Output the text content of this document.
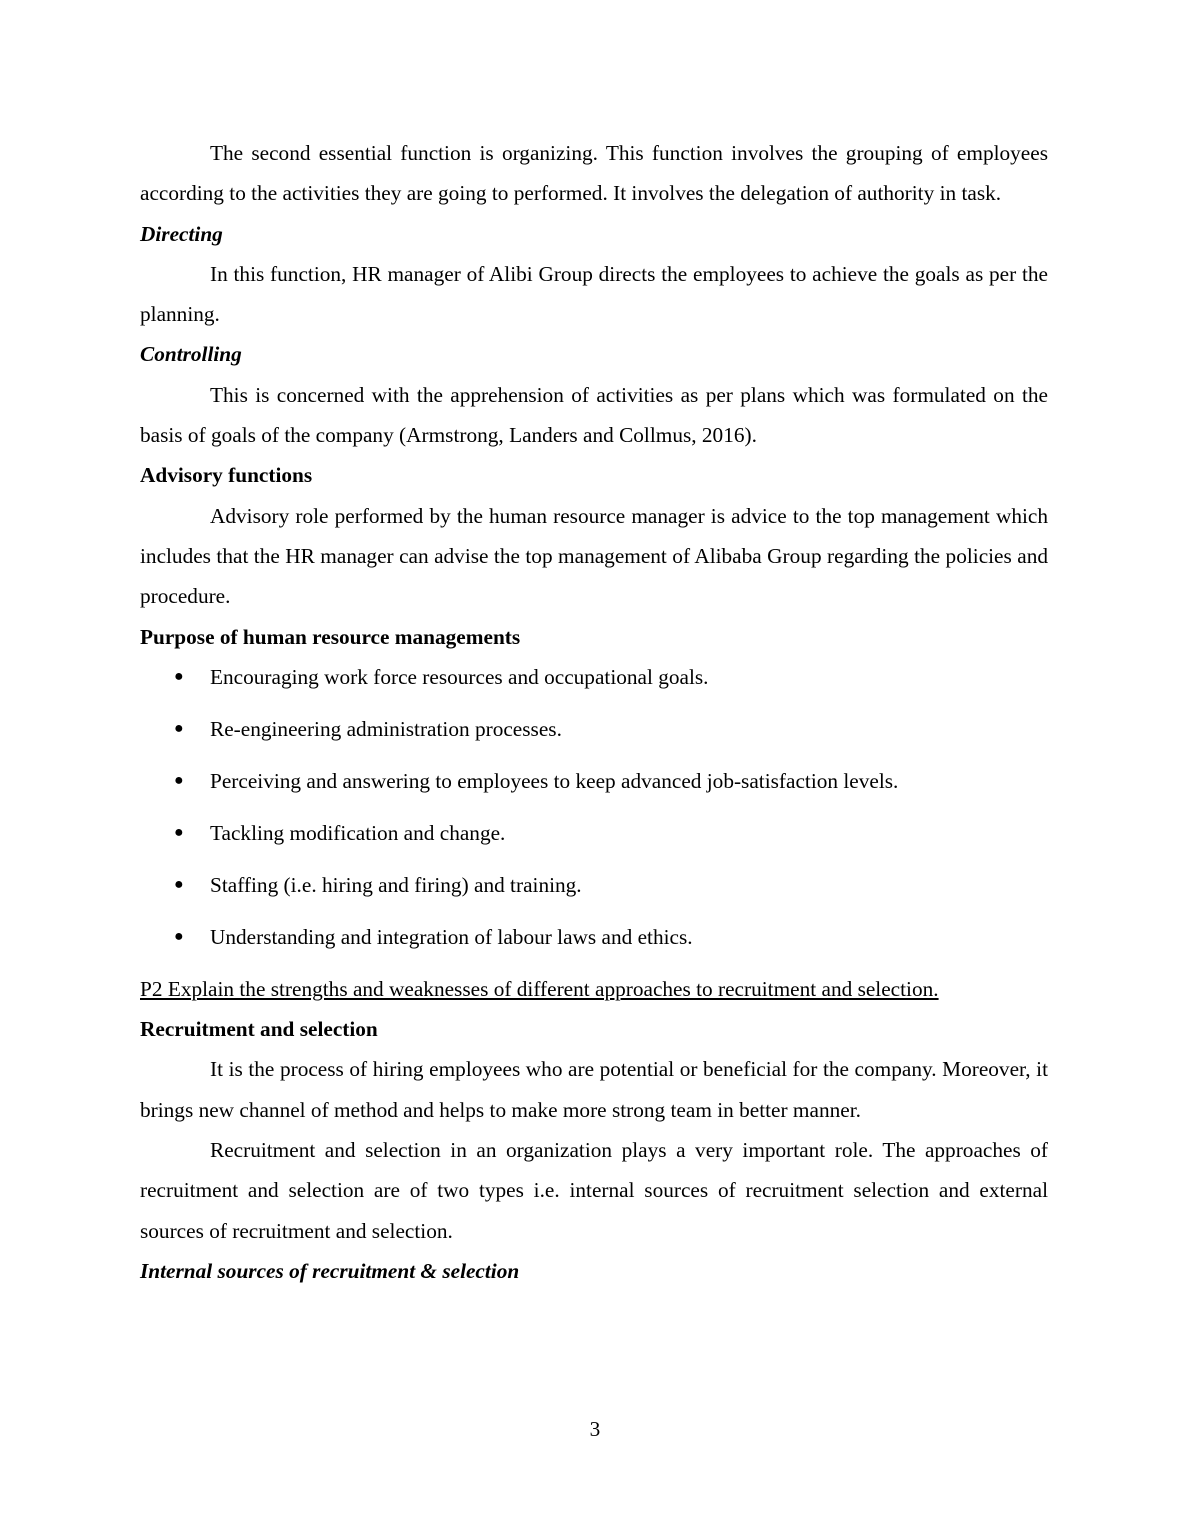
The second essential function is organizing. This function involves the grouping of employees according to the activities they are going to performed. It involves the delegation of authority in task.

Directing

In this function, HR manager of Alibi Group directs the employees to achieve the goals as per the planning.

Controlling

This is concerned with the apprehension of activities as per plans which was formulated on the basis of goals of the company (Armstrong, Landers and Collmus, 2016).

Advisory functions

Advisory role performed by the human resource manager is advice to the top management which includes that the HR manager can advise the top management of Alibaba Group regarding the policies and procedure.

Purpose of human resource managements

● Encouraging work force resources and occupational goals.
● Re-engineering administration processes.
● Perceiving and answering to employees to keep advanced job-satisfaction levels.
● Tackling modification and change.
● Staffing (i.e. hiring and firing) and training.
● Understanding and integration of labour laws and ethics.

P2 Explain the strengths and weaknesses of different approaches to recruitment and selection.

Recruitment and selection

It is the process of hiring employees who are potential or beneficial for the company. Moreover, it brings new channel of method and helps to make more strong team in better manner.

Recruitment and selection in an organization plays a very important role. The approaches of recruitment and selection are of two types i.e. internal sources of recruitment selection and external sources of recruitment and selection.

Internal sources of recruitment & selection

3
